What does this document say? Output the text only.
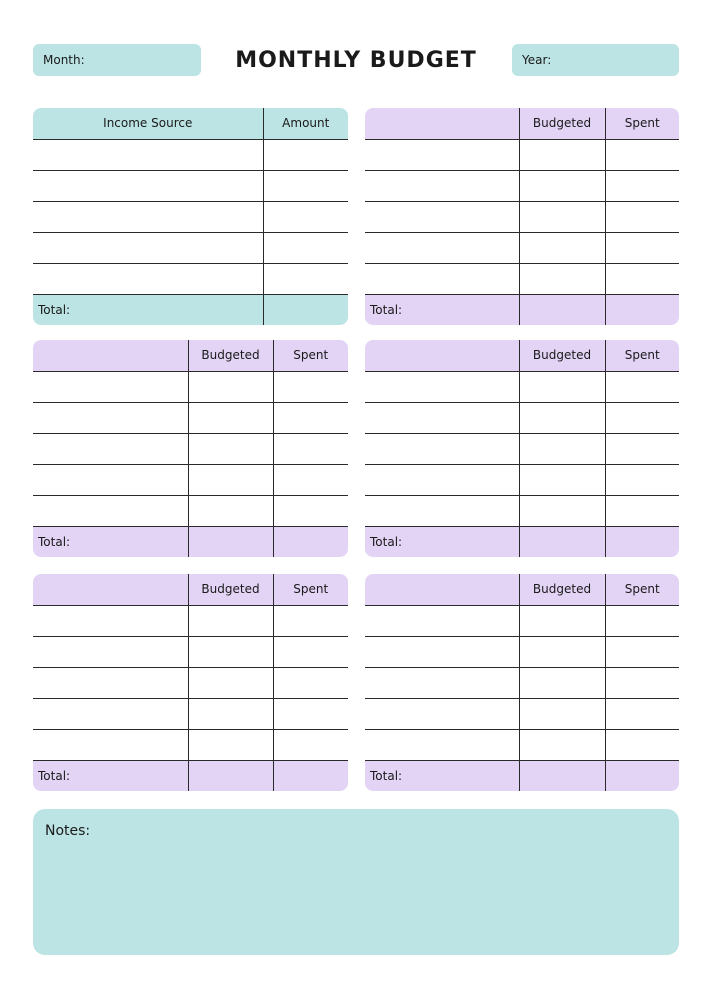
Month:	MONTHLY BUDGET	Year:
Income Source	Amount

Total:	
	Budgeted	Spent

Total:		
	Budgeted	Spent

Total:		
	Budgeted	Spent

Total:		
	Budgeted	Spent

Total:		
	Budgeted	Spent

Total:		
Notes:
